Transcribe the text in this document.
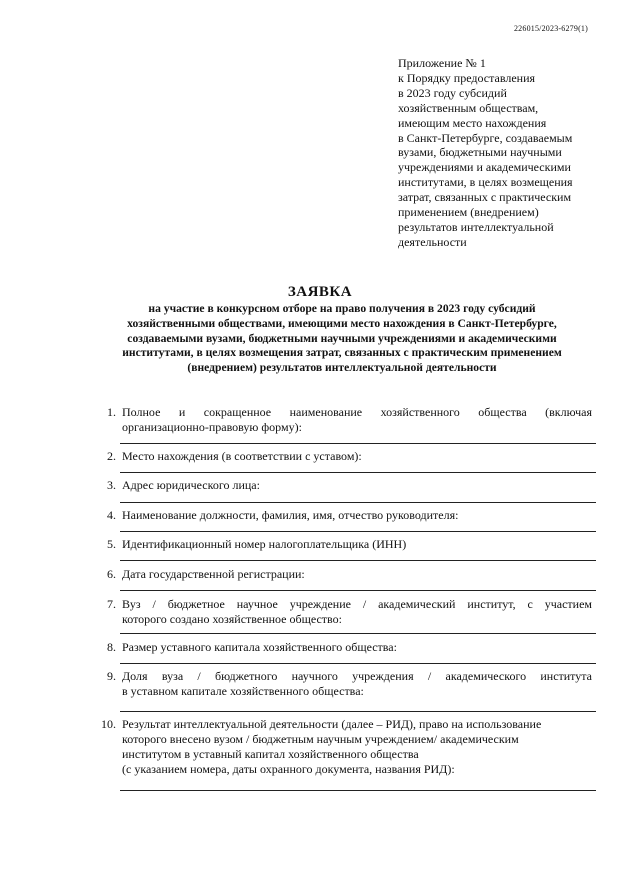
226015/2023-6279(1)
Приложение № 1
к Порядку предоставления
в 2023 году субсидий
хозяйственным обществам,
имеющим место нахождения
в Санкт-Петербурге, создаваемым
вузами, бюджетными научными
учреждениями и академическими
институтами, в целях возмещения
затрат, связанных с практическим
применением (внедрением)
результатов интеллектуальной
деятельности
ЗАЯВКА
на участие в конкурсном отборе на право получения в 2023 году субсидий
хозяйственными обществами, имеющими место нахождения в Санкт-Петербурге,
создаваемыми вузами, бюджетными научными учреждениями и академическими
институтами, в целях возмещения затрат, связанных с практическим применением
(внедрением) результатов интеллектуальной деятельности
1. Полное и сокращенное наименование хозяйственного общества (включая
организационно-правовую форму):
2. Место нахождения (в соответствии с уставом):
3. Адрес юридического лица:
4. Наименование должности, фамилия, имя, отчество руководителя:
5. Идентификационный номер налогоплательщика (ИНН)
6. Дата государственной регистрации:
7. Вуз / бюджетное научное учреждение / академический институт, с участием
которого создано хозяйственное общество:
8. Размер уставного капитала хозяйственного общества:
9. Доля вуза / бюджетного научного учреждения / академического института
в уставном капитале хозяйственного общества:
10. Результат интеллектуальной деятельности (далее – РИД), право на использование
которого внесено вузом / бюджетным научным учреждением/ академическим
институтом в уставный капитал хозяйственного общества
(с указанием номера, даты охранного документа, названия РИД):
